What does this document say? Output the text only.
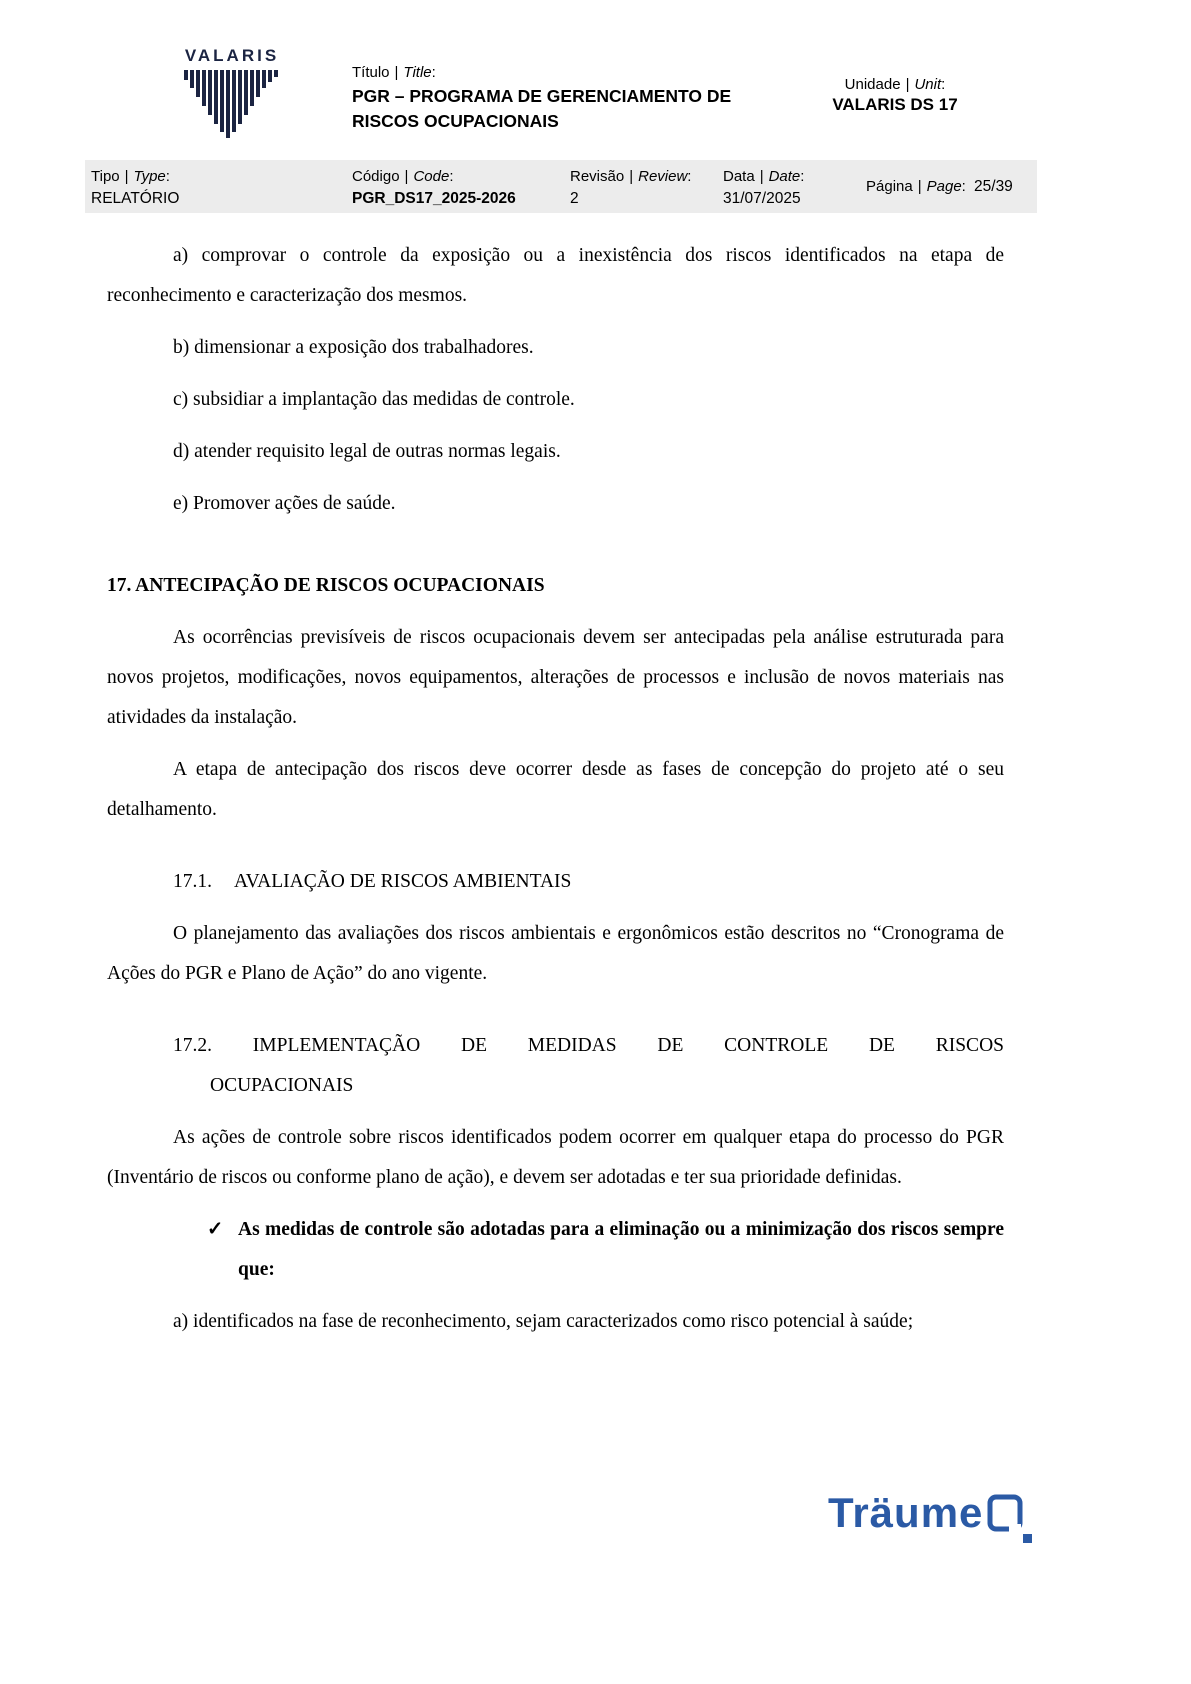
VALARIS
Título | Title:
PGR – PROGRAMA DE GERENCIAMENTO DE RISCOS OCUPACIONAIS
Unidade | Unit:
VALARIS DS 17
Tipo | Type:
RELATÓRIO
Código | Code:
PGR_DS17_2025-2026
Revisão | Review:
2
Data | Date:
31/07/2025
Página | Page: 25/39

a) comprovar o controle da exposição ou a inexistência dos riscos identificados na etapa de reconhecimento e caracterização dos mesmos.

b) dimensionar a exposição dos trabalhadores.

c) subsidiar a implantação das medidas de controle.

d) atender requisito legal de outras normas legais.

e) Promover ações de saúde.

17. ANTECIPAÇÃO DE RISCOS OCUPACIONAIS

As ocorrências previsíveis de riscos ocupacionais devem ser antecipadas pela análise estruturada para novos projetos, modificações, novos equipamentos, alterações de processos e inclusão de novos materiais nas atividades da instalação.

A etapa de antecipação dos riscos deve ocorrer desde as fases de concepção do projeto até o seu detalhamento.

17.1. AVALIAÇÃO DE RISCOS AMBIENTAIS

O planejamento das avaliações dos riscos ambientais e ergonômicos estão descritos no “Cronograma de Ações do PGR e Plano de Ação” do ano vigente.

17.2. IMPLEMENTAÇÃO DE MEDIDAS DE CONTROLE DE RISCOS
OCUPACIONAIS

As ações de controle sobre riscos identificados podem ocorrer em qualquer etapa do processo do PGR (Inventário de riscos ou conforme plano de ação), e devem ser adotadas e ter sua prioridade definidas.

✓ As medidas de controle são adotadas para a eliminação ou a minimização dos riscos sempre que:

a) identificados na fase de reconhecimento, sejam caracterizados como risco potencial à saúde;

Träume
